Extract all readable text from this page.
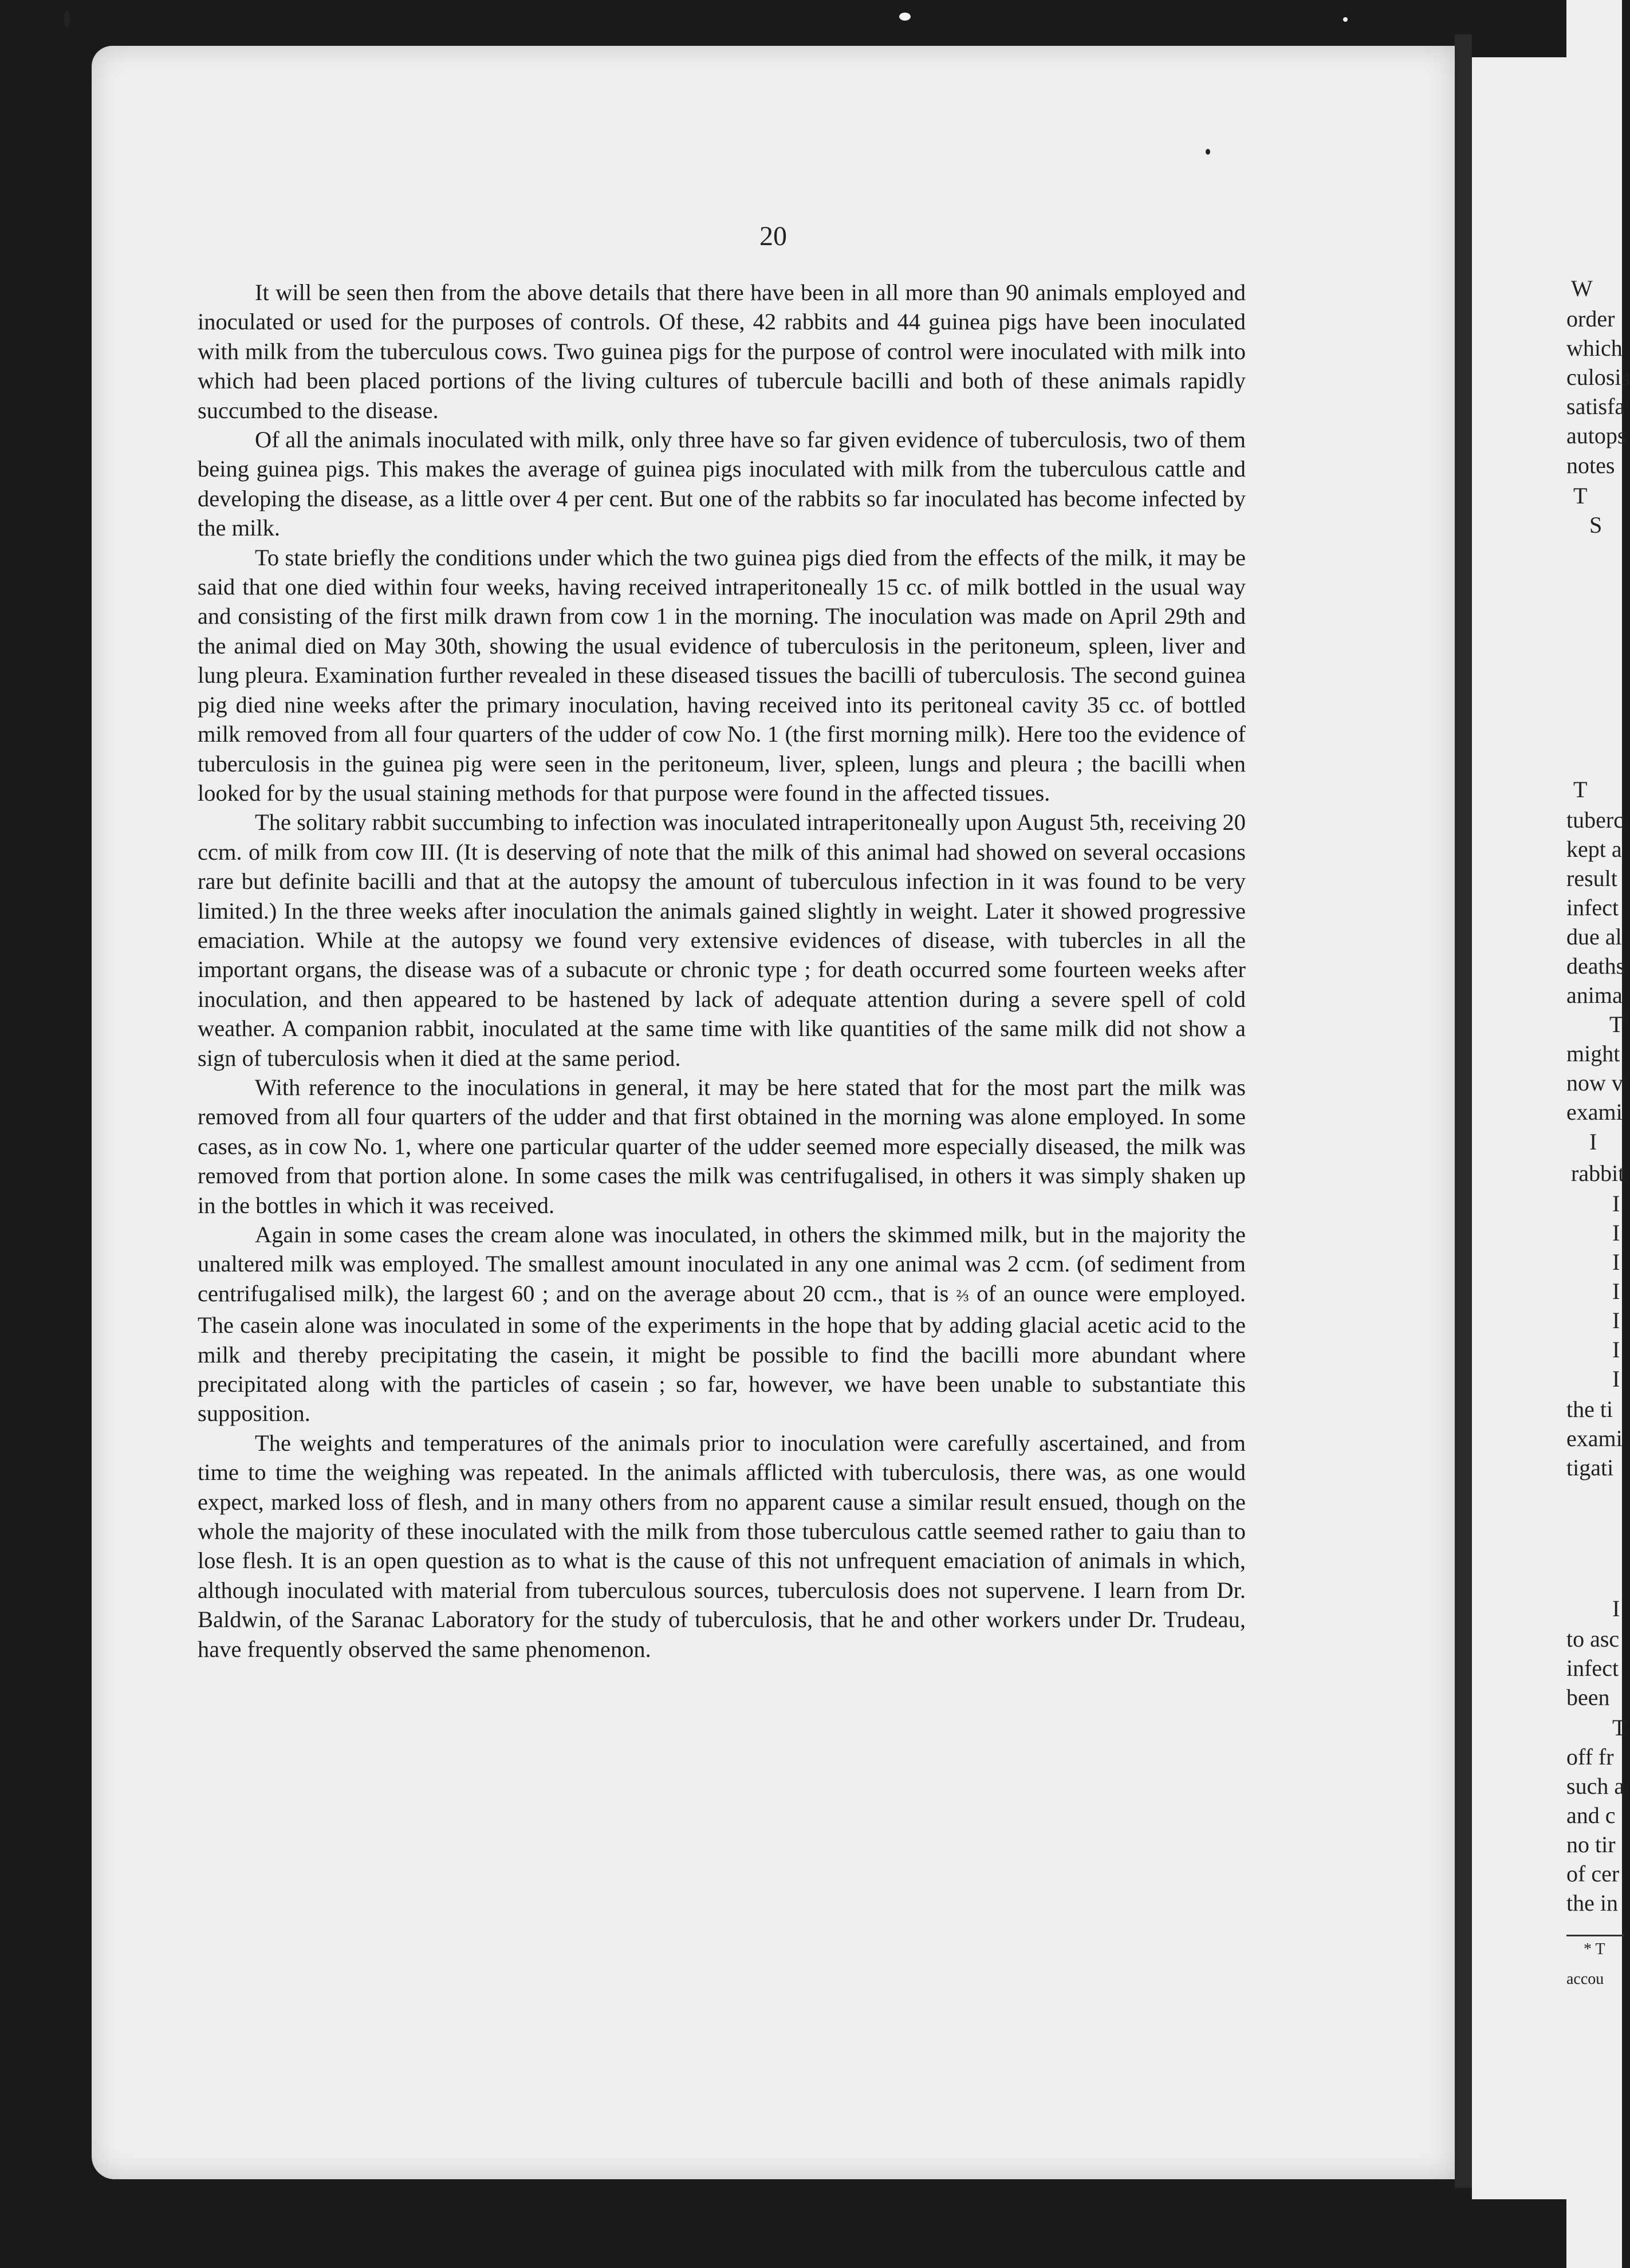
20

It will be seen then from the above details that there have been in all more than 90 animals employed and inoculated or used for the purposes of controls. Of these, 42 rabbits and 44 guinea pigs have been inoculated with milk from the tuberculous cows. Two guinea pigs for the purpose of control were inoculated with milk into which had been placed portions of the living cultures of tubercule bacilli and both of these animals rapidly succumbed to the disease.

Of all the animals inoculated with milk, only three have so far given evidence of tuberculosis, two of them being guinea pigs. This makes the average of guinea pigs inoculated with milk from the tuberculous cattle and developing the disease, as a little over 4 per cent. But one of the rabbits so far inoculated has become infected by the milk.

To state briefly the conditions under which the two guinea pigs died from the effects of the milk, it may be said that one died within four weeks, having received intraperitoneally 15 cc. of milk bottled in the usual way and consisting of the first milk drawn from cow 1 in the morning. The inoculation was made on April 29th and the animal died on May 30th, showing the usual evidence of tuberculosis in the peritoneum, spleen, liver and lung pleura. Examination further revealed in these diseased tissues the bacilli of tuberculosis. The second guinea pig died nine weeks after the primary inoculation, having received into its peritoneal cavity 35 cc. of bottled milk removed from all four quarters of the udder of cow No. 1 (the first morning milk). Here too the evidence of tuberculosis in the guinea pig were seen in the peritoneum, liver, spleen, lungs and pleura ; the bacilli when looked for by the usual staining methods for that purpose were found in the affected tissues.

The solitary rabbit succumbing to infection was inoculated intraperitoneally upon August 5th, receiving 20 ccm. of milk from cow III. (It is deserving of note that the milk of this animal had showed on several occasions rare but definite bacilli and that at the autopsy the amount of tuberculous infection in it was found to be very limited.) In the three weeks after inoculation the animals gained slightly in weight. Later it showed progressive emaciation. While at the autopsy we found very extensive evidences of disease, with tubercles in all the important organs, the disease was of a subacute or chronic type ; for death occurred some fourteen weeks after inoculation, and then appeared to be hastened by lack of adequate attention during a severe spell of cold weather. A companion rabbit, inoculated at the same time with like quantities of the same milk did not show a sign of tuberculosis when it died at the same period.

With reference to the inoculations in general, it may be here stated that for the most part the milk was removed from all four quarters of the udder and that first obtained in the morning was alone employed. In some cases, as in cow No. 1, where one particular quarter of the udder seemed more especially diseased, the milk was removed from that portion alone. In some cases the milk was centrifugalised, in others it was simply shaken up in the bottles in which it was received.

Again in some cases the cream alone was inoculated, in others the skimmed milk, but in the majority the unaltered milk was employed. The smallest amount inoculated in any one animal was 2 ccm. (of sediment from centrifugalised milk), the largest 60 ; and on the average about 20 ccm., that is ⅔ of an ounce were employed. The casein alone was inoculated in some of the experiments in the hope that by adding glacial acetic acid to the milk and thereby precipitating the casein, it might be possible to find the bacilli more abundant where precipitated along with the particles of casein ; so far, however, we have been unable to substantiate this supposition.

The weights and temperatures of the animals prior to inoculation were carefully ascertained, and from time to time the weighing was repeated. In the animals afflicted with tuberculosis, there was, as one would expect, marked loss of flesh, and in many others from no apparent cause a similar result ensued, though on the whole the majority of these inoculated with the milk from those tuberculous cattle seemed rather to gaiu than to lose flesh. It is an open question as to what is the cause of this not unfrequent emaciation of animals in which, although inoculated with material from tuberculous sources, tuberculosis does not supervene. I learn from Dr. Baldwin, of the Saranac Laboratory for the study of tuberculosis, that he and other workers under Dr. Trudeau, have frequently observed the same phenomenon.

W
order
which
culosis
satisfa
autops
notes
T
S
T
tuberc
kept a
result
infect
due al
deaths
anima
T
might
now v
exami
I
rabbit
I
I
I
I
I
I
I
the ti
exami
tigati
I
to asc
infect
been
T
off fr
such a
and c
no tir
of cer
the in
* T
accou
